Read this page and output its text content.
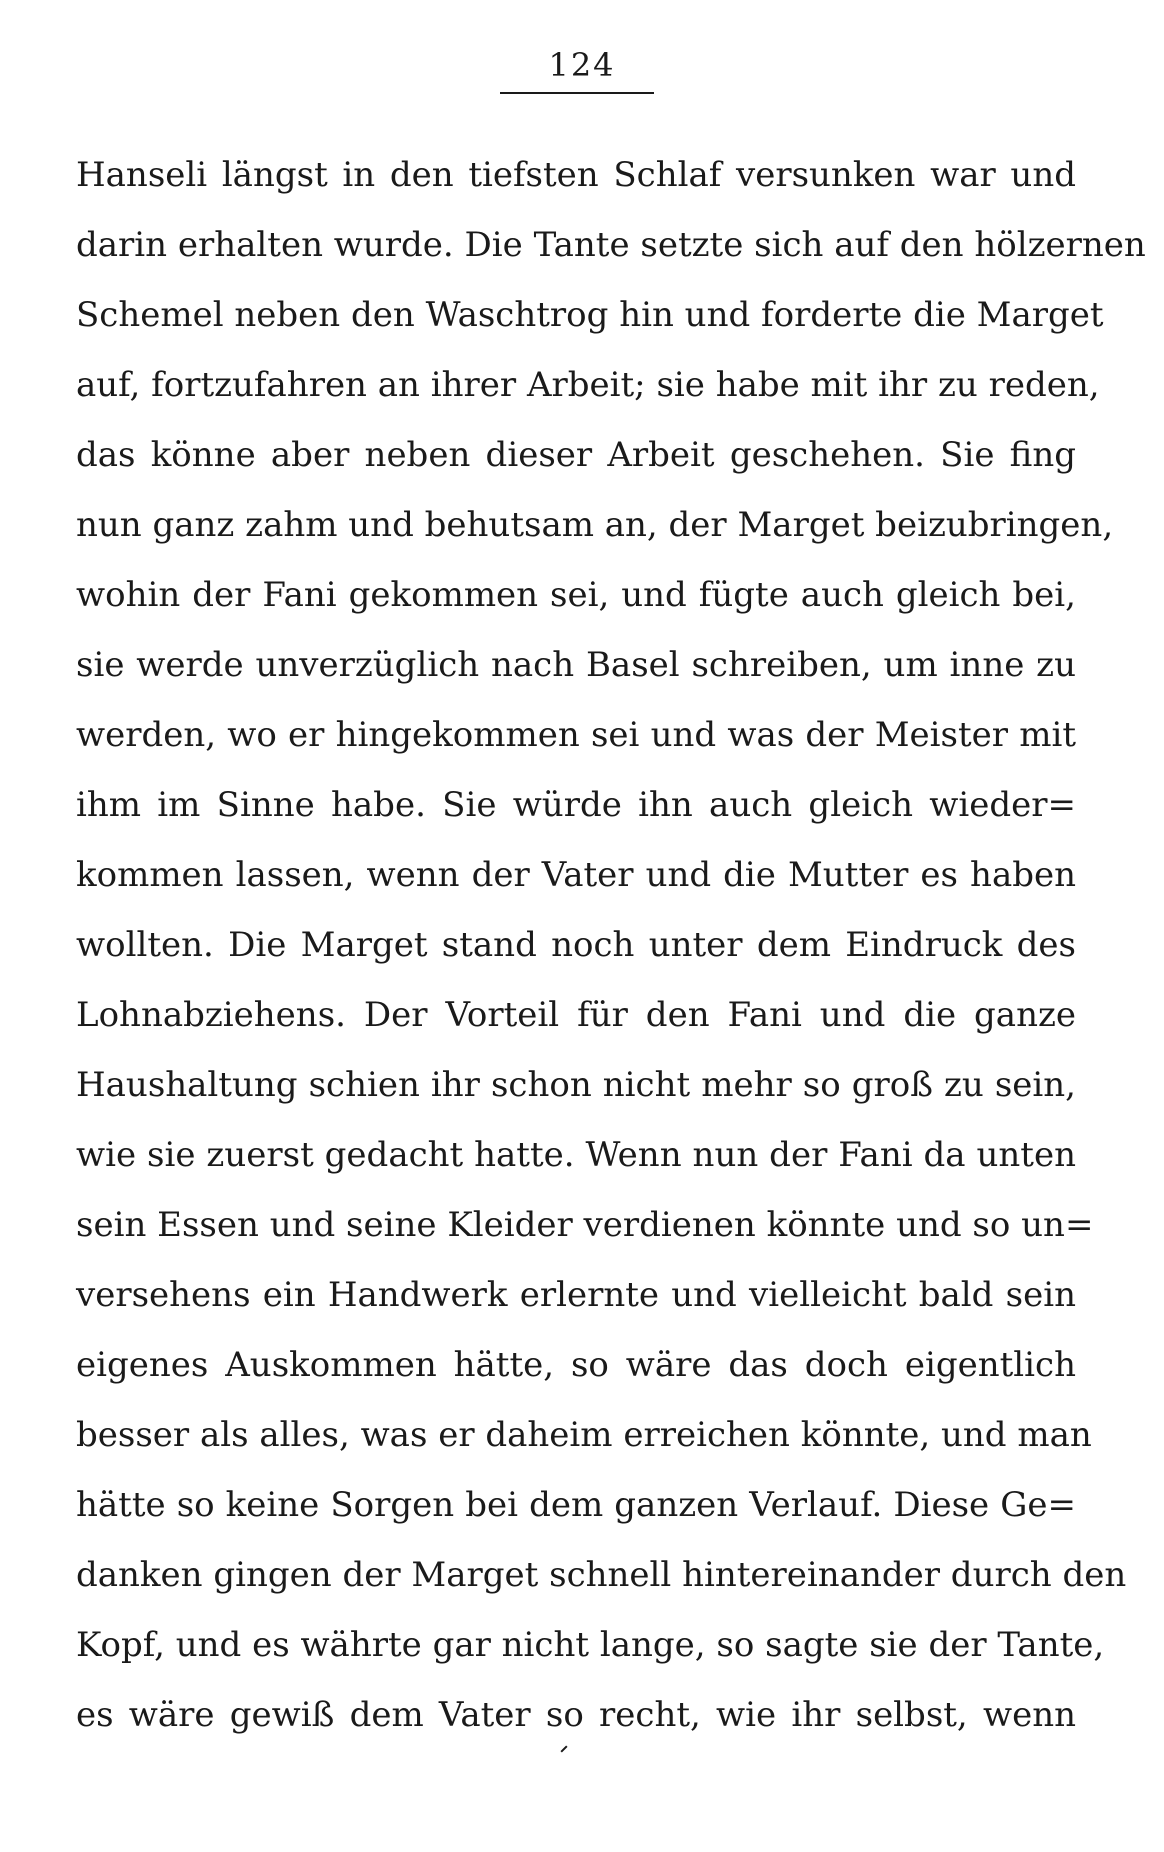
124
Hanseli längst in den tiefsten Schlaf versunken war und
darin erhalten wurde. Die Tante setzte sich auf den hölzernen
Schemel neben den Waschtrog hin und forderte die Marget
auf, fortzufahren an ihrer Arbeit; sie habe mit ihr zu reden,
das könne aber neben dieser Arbeit geschehen. Sie fing
nun ganz zahm und behutsam an, der Marget beizubringen,
wohin der Fani gekommen sei, und fügte auch gleich bei,
sie werde unverzüglich nach Basel schreiben, um inne zu
werden, wo er hingekommen sei und was der Meister mit
ihm im Sinne habe. Sie würde ihn auch gleich wieder=
kommen lassen, wenn der Vater und die Mutter es haben
wollten. Die Marget stand noch unter dem Eindruck des
Lohnabziehens. Der Vorteil für den Fani und die ganze
Haushaltung schien ihr schon nicht mehr so groß zu sein,
wie sie zuerst gedacht hatte. Wenn nun der Fani da unten
sein Essen und seine Kleider verdienen könnte und so un=
versehens ein Handwerk erlernte und vielleicht bald sein
eigenes Auskommen hätte, so wäre das doch eigentlich
besser als alles, was er daheim erreichen könnte, und man
hätte so keine Sorgen bei dem ganzen Verlauf. Diese Ge=
danken gingen der Marget schnell hintereinander durch den
Kopf, und es währte gar nicht lange, so sagte sie der Tante,
es wäre gewiß dem Vater so recht, wie ihr selbst, wenn
